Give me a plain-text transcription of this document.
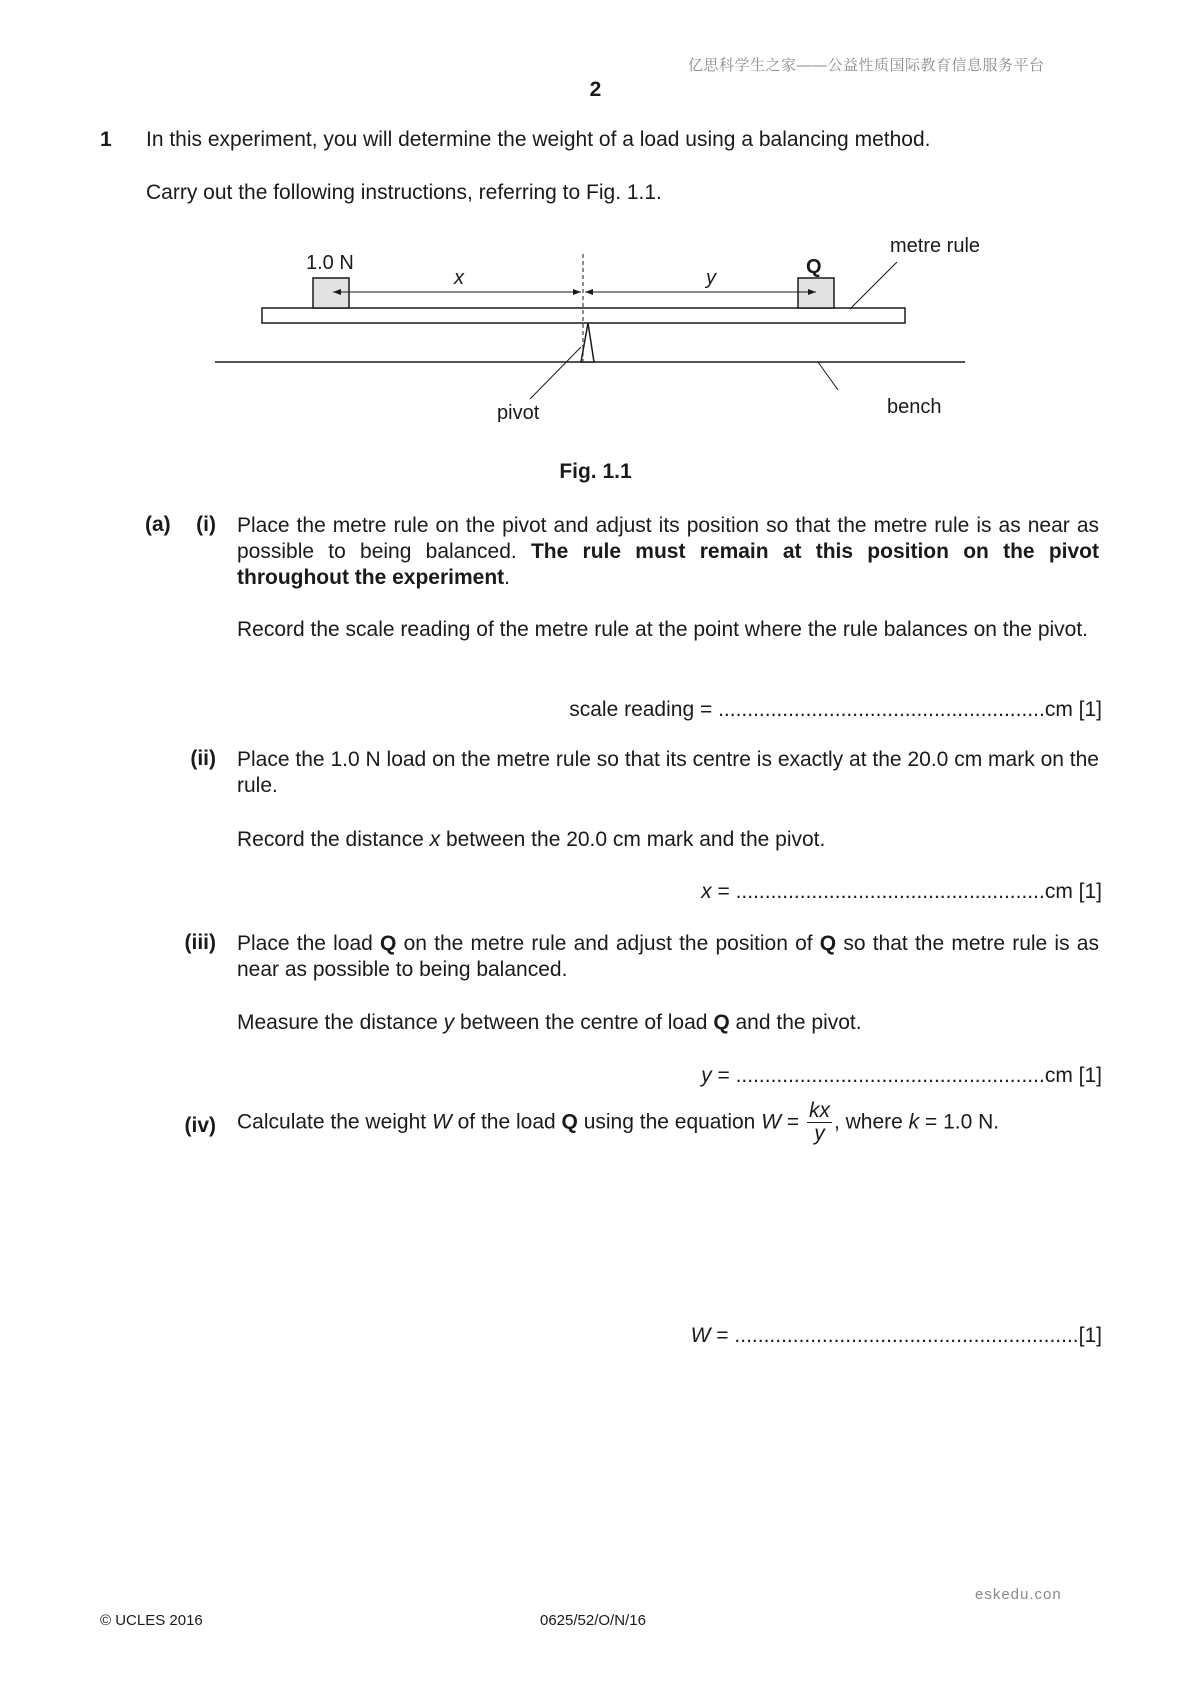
亿思科学生之家——公益性质国际教育信息服务平台
2
1 In this experiment, you will determine the weight of a load using a balancing method.
Carry out the following instructions, referring to Fig. 1.1.
1.0 N
x	y	Q
metre rule
pivot	bench
Fig. 1.1
(a)	(i) Place the metre rule on the pivot and adjust its position so that the metre rule is as near as possible to being balanced. The rule must remain at this position on the pivot throughout the experiment.
Record the scale reading of the metre rule at the point where the rule balances on the pivot.
scale reading = ........................................................cm [1]
(ii) Place the 1.0 N load on the metre rule so that its centre is exactly at the 20.0 cm mark on the rule.
Record the distance x between the 20.0 cm mark and the pivot.
x = .....................................................cm [1]
(iii) Place the load Q on the metre rule and adjust the position of Q so that the metre rule is as near as possible to being balanced.
Measure the distance y between the centre of load Q and the pivot.
y = .....................................................cm [1]
(iv) Calculate the weight W of the load Q using the equation $W = \frac{kx}{y}$ , where k = 1.0 N.
W = ...........................................................[1]
eskedu.con
© UCLES 2016	0625/52/O/N/16
